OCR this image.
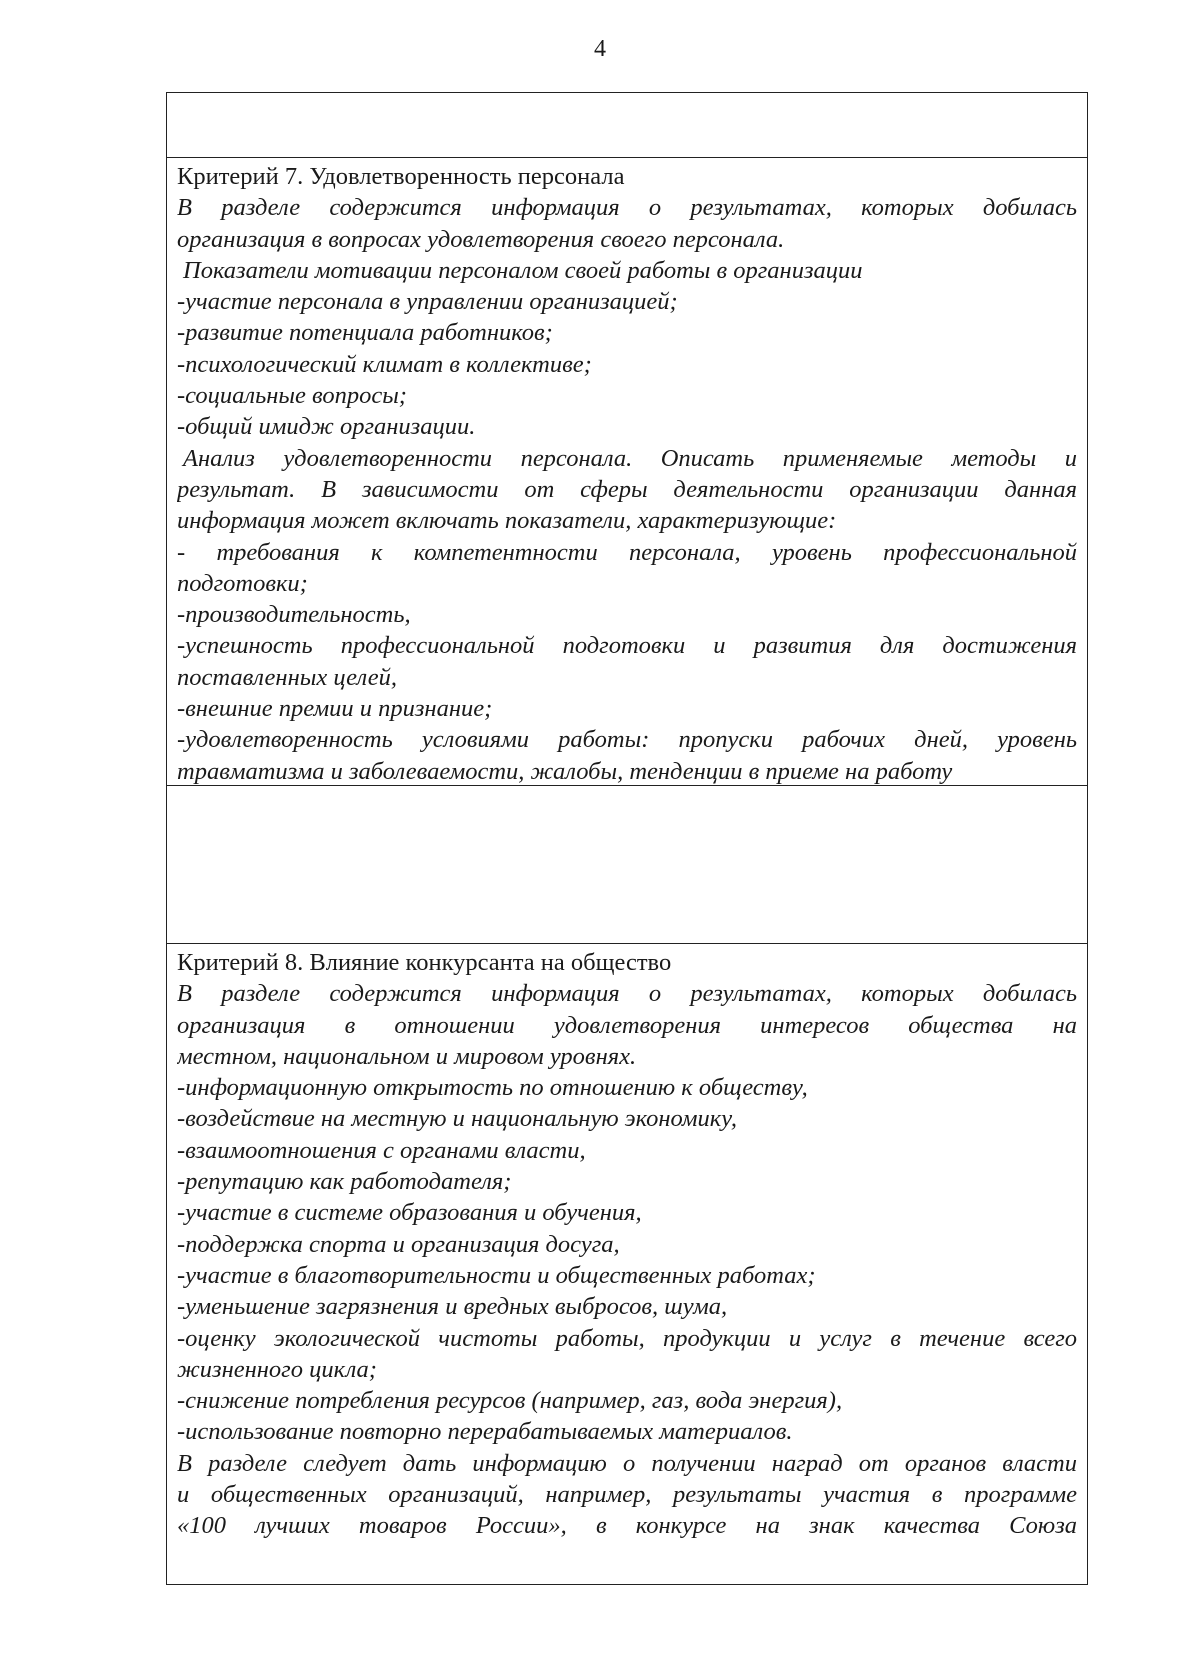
4
Критерий 7. Удовлетворенность персонала
В разделе содержится информация о результатах, которых добилась
организация в вопросах удовлетворения своего персонала.
Показатели мотивации персоналом своей работы в организации
-участие персонала в управлении организацией;
-развитие потенциала работников;
-психологический климат в коллективе;
-социальные вопросы;
-общий имидж организации.
Анализ удовлетворенности персонала. Описать применяемые методы и
результат. В зависимости от сферы деятельности организации данная
информация может включать показатели, характеризующие:
- требования к компетентности персонала, уровень профессиональной
подготовки;
-производительность,
-успешность профессиональной подготовки и развития для достижения
поставленных целей,
-внешние премии и признание;
-удовлетворенность условиями работы: пропуски рабочих дней, уровень
травматизма и заболеваемости, жалобы, тенденции в приеме на работу
Критерий 8. Влияние конкурсанта на общество
В разделе содержится информация о результатах, которых добилась
организация в отношении удовлетворения интересов общества на
местном, национальном и мировом уровнях.
-информационную открытость по отношению к обществу,
-воздействие на местную и национальную экономику,
-взаимоотношения с органами власти,
-репутацию как работодателя;
-участие в системе образования и обучения,
-поддержка спорта и организация досуга,
-участие в благотворительности и общественных работах;
-уменьшение загрязнения и вредных выбросов, шума,
-оценку экологической чистоты работы, продукции и услуг в течение всего
жизненного цикла;
-снижение потребления ресурсов (например, газ, вода энергия),
-использование повторно перерабатываемых материалов.
В разделе следует дать информацию о получении наград от органов власти
и общественных организаций, например, результаты участия в программе
«100 лучших товаров России», в конкурсе на знак качества Союза
